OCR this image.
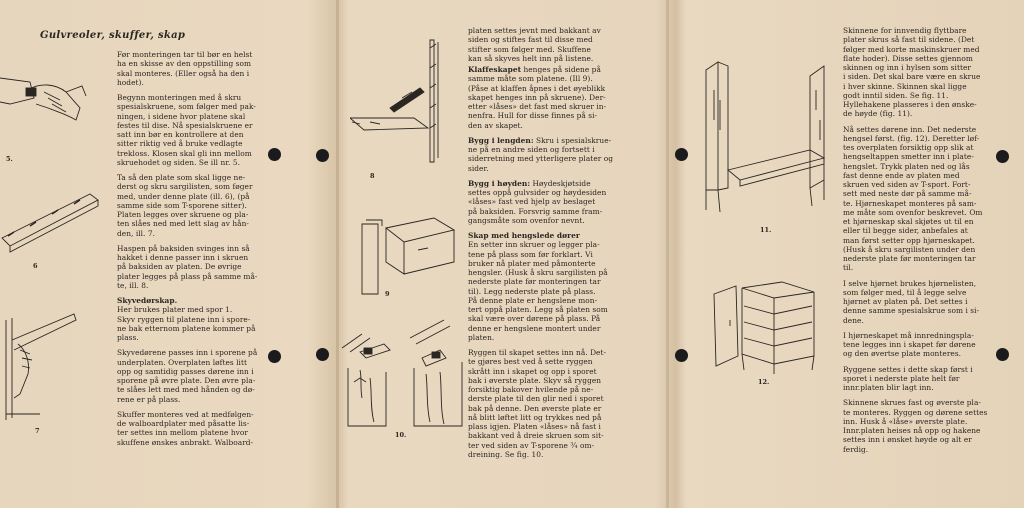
Gulvreoler, skuffer, skap

Før monteringen tar til bør en helst
ha en skisse av den oppstilling som
skal monteres. (Eller også ha den i
hodet).

Begynn monteringen med å skru
spesialskruene, som følger med pak-
ningen, i sidene hvor platene skal
festes til dise. Nå spesialskruene er
satt inn bør en kontrollere at den
sitter riktig ved å bruke vedlagte
trekloss. Klosen skal gli inn mellom
skruehodet og siden. Se ill nr. 5.

Ta så den plate som skal ligge ne-
derst og skru sargilisten, som føger
med, under denne plate (ill. 6), (på
samme side som T-sporene sitter).
Platen legges over skruene og pla-
ten slåes ned med lett slag av hån-
den, ill. 7.

Haspen på baksiden svinges inn så
hakket i denne passer inn i skruen
på baksiden av platen. De øvrige
plater legges på plass på samme må-
te, ill. 8.

Skyvedørskap.

Her brukes plater med spor 1.
Skyv ryggen til platene inn i spore-
ne bak etternom platene kommer på
plass.

Skyvedørene passes inn i sporene på
underplaten. Overplaten løftes litt
opp og samtidig passes dørene inn i
sporene på øvre plate. Den øvre pla-
te slåes lett med med hånden og dø-
rene er på plass.

Skuffer monteres ved at medfølgen-
de walboardplater med påsatte lis-
ter settes inn mellom platene hvor
skuffene ønskes anbrakt. Walboard-

platen settes jevnt med bakkant av
siden og stiftes fast til disse med
stifter som følger med. Skuffene
kan så skyves helt inn på listene.

Klaffeskapet henges på sidene på
samme måte som platene. (Ill 9).
(Påse at klaffen åpnes i det øyeblikk
skapet henges inn på skruene). Der-
etter «låses» det fast med skruer in-
nenfra. Hull for disse finnes på si-
den av skapet.

Bygg i lengden: Skru i spesialskrue-
ne på en andre siden og fortsett i
siderretning med ytterligere plater og
sider.

Bygg i høyden: Høydeskjøtside
settes oppå gulvsider og høydesiden
«låses» fast ved hjelp av beslaget
på baksiden. Forsvrig samme fram-
gangsmåte som ovenfor nevnt.

Skap med hengslede dører

En setter inn skruer og legger pla-
tene på plass som før forklart. Vi
bruker nå plater med påmonterte
hengsler. (Husk å skru sargilisten på
nederste plate før monteringen tar
til). Legg nederste plate på plass.
På denne plate er hengslene mon-
tert oppå platen. Legg så platen som
skal være over dørene på plass. På
denne er hengslene montert under
platen.

Ryggen til skapet settes inn nå. Det-
te gjøres best ved å sette ryggen
skrått inn i skapet og opp i sporet
bak i øverste plate. Skyv så ryggen
forsiktig bakover hvilende på ne-
derste plate til den glir ned i sporet
bak på denne. Den øverste plate er
nå blitt løftet litt og trykkes ned på
plass igjen. Platen «låses» nå fast i
bakkant ved å dreie skruen som sit-
ter ved siden av T-sporene ¾ om-
dreining. Se fig. 10.

Skinnene for innvendig flyttbare
plater skrus så fast til sidene. (Det
følger med korte maskinskruer med
flate hoder). Disse settes gjennom
skinnen og inn i hylsen som sitter
i siden. Det skal bare være en skrue
i hver skinne. Skinnen skal ligge
godt inntil siden. Se fig. 11.
Hyllehakene plasseres i den ønske-
de høyde (fig. 11).

Nå settes dørene inn. Det nederste
hengsel først. (fig. 12). Deretter løf-
tes overplaten forsiktig opp slik at
hengseltappen smetter inn i plate-
hengslet. Trykk platen ned og lås
fast denne ende av platen med
skruen ved siden av T-sport. Fort-
sett med neste dør på samme må-
te. Hjørneskapet monteres på sam-
me måte som ovenfor beskrevet. Om
et hjørneskap skal skjøtes ut til en
eller til begge sider, anbefales at
man først setter opp hjørneskapet.
(Husk å skru sargilisten under den
nederste plate før monteringen tar
til.

I selve hjørnet brukes hjørnelisten,
som følger med, til å legge selve
hjørnet av platen på. Det settes i
denne samme spesialskrue som i si-
dene.

I hjørneskapet må innredningspla-
tene legges inn i skapet før dørene
og den øvertse plate monteres.

Ryggene settes i dette skap først i
sporet i nederste plate helt før
innr.platen blir lagt inn.

Skinnene skrues fast og øverste pla-
te monteres. Ryggen og dørene settes
inn. Husk å «låse» øverste plate.
Innr.platen heises nå opp og hakene
settes inn i ønsket høyde og alt er
ferdig.

5.
6
7
8
9
10.
11.
12.
